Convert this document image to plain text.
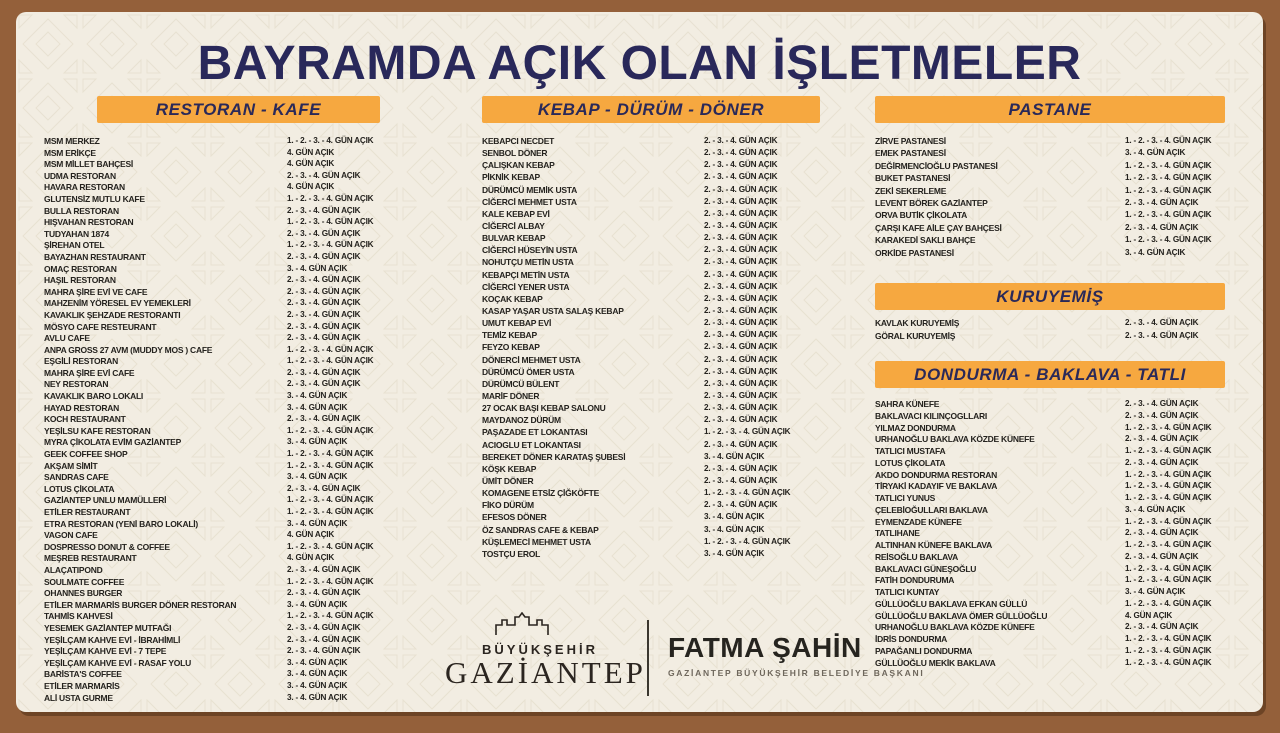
BAYRAMDA AÇIK OLAN İŞLETMELER
RESTORAN - KAFE
MSM MERKEZ	1. - 2. - 3. - 4. GÜN AÇIK
MSM ERİKÇE	4. GÜN AÇIK
MSM MİLLET BAHÇESİ	4. GÜN AÇIK
UDMA RESTORAN	2. - 3. - 4. GÜN AÇIK
HAVARA RESTORAN	4. GÜN AÇIK
GLUTENSİZ MUTLU KAFE	1. - 2. - 3. - 4. GÜN AÇIK
BULLA RESTORAN	2. - 3. - 4. GÜN AÇIK
HIŞVAHAN RESTORAN	1. - 2. - 3. - 4. GÜN AÇIK
TUDYAHAN 1874	2. - 3. - 4. GÜN AÇIK
ŞİREHAN OTEL	1. - 2. - 3. - 4. GÜN AÇIK
BAYAZHAN RESTAURANT	2. - 3. - 4. GÜN AÇIK
OMAÇ RESTORAN	3. - 4. GÜN AÇIK
HAŞIL RESTORAN	2. - 3. - 4. GÜN AÇIK
MAHRA ŞİRE EVİ VE CAFE	2. - 3. - 4. GÜN AÇIK
MAHZENİM YÖRESEL EV YEMEKLERİ	2. - 3. - 4. GÜN AÇIK
KAVAKLIK ŞEHZADE RESTORANTI	2. - 3. - 4. GÜN AÇIK
MÖSYO CAFE RESTEURANT	2. - 3. - 4. GÜN AÇIK
AVLU CAFE	2. - 3. - 4. GÜN AÇIK
ANPA GROSS 27 AVM (MUDDY MOS ) CAFE	1. - 2. - 3. - 4. GÜN AÇIK
EŞGİLİ RESTORAN	1. - 2. - 3. - 4. GÜN AÇIK
MAHRA ŞİRE EVİ CAFE	2. - 3. - 4. GÜN AÇIK
NEY RESTORAN	2. - 3. - 4. GÜN AÇIK
KAVAKLIK BARO LOKALI	3. - 4. GÜN AÇIK
HAYAD RESTORAN	3. - 4. GÜN AÇIK
KOCH RESTAURANT	2. - 3. - 4. GÜN AÇIK
YEŞİLSU KAFE RESTORAN	1. - 2. - 3. - 4. GÜN AÇIK
MYRA ÇİKOLATA EVİM GAZİANTEP	3. - 4. GÜN AÇIK
GEEK COFFEE SHOP	1. - 2. - 3. - 4. GÜN AÇIK
AKŞAM SİMİT	1. - 2. - 3. - 4. GÜN AÇIK
SANDRAS CAFE	3. - 4. GÜN AÇIK
LOTUS ÇİKOLATA	2. - 3. - 4. GÜN AÇIK
GAZİANTEP UNLU MAMÜLLERİ	1. - 2. - 3. - 4. GÜN AÇIK
ETİLER RESTAURANT	1. - 2. - 3. - 4. GÜN AÇIK
ETRA RESTORAN (YENİ BARO LOKALİ)	3. - 4. GÜN AÇIK
VAGON CAFE	4. GÜN AÇIK
DOSPRESSO DONUT & COFFEE	1. - 2. - 3. - 4. GÜN AÇIK
MEŞREB RESTAURANT	4. GÜN AÇIK
ALAÇATIPOND	2. - 3. - 4. GÜN AÇIK
SOULMATE COFFEE	1. - 2. - 3. - 4. GÜN AÇIK
OHANNES BURGER	2. - 3. - 4. GÜN AÇIK
ETİLER MARMARİS BURGER DÖNER RESTORAN	3. - 4. GÜN AÇIK
TAHMİS KAHVESİ	1. - 2. - 3. - 4. GÜN AÇIK
YESEMEK GAZİANTEP MUTFAĞI	2. - 3. - 4. GÜN AÇIK
YEŞİLÇAM KAHVE EVİ - İBRAHİMLİ	2. - 3. - 4. GÜN AÇIK
YEŞİLÇAM KAHVE EVİ - 7 TEPE	2. - 3. - 4. GÜN AÇIK
YEŞİLÇAM KAHVE EVİ - RASAF YOLU	3. - 4. GÜN AÇIK
BARİSTA'S COFFEE	3. - 4. GÜN AÇIK
ETİLER MARMARİS	3. - 4. GÜN AÇIK
ALİ USTA GURME	3. - 4. GÜN AÇIK
KEBAP - DÜRÜM - DÖNER
KEBAPCI NECDET	2. - 3. - 4. GÜN AÇIK
SENBOL DÖNER	2. - 3. - 4. GÜN AÇIK
ÇALIŞKAN KEBAP	2. - 3. - 4. GÜN AÇIK
PİKNİK KEBAP	2. - 3. - 4. GÜN AÇIK
DÜRÜMCÜ MEMİK USTA	2. - 3. - 4. GÜN AÇIK
CİĞERCİ MEHMET USTA	2. - 3. - 4. GÜN AÇIK
KALE KEBAP EVİ	2. - 3. - 4. GÜN AÇIK
CİĞERCİ ALBAY	2. - 3. - 4. GÜN AÇIK
BULVAR KEBAP	2. - 3. - 4. GÜN AÇIK
CİĞERCİ HÜSEYİN USTA	2. - 3. - 4. GÜN AÇIK
NOHUTÇU METİN USTA	2. - 3. - 4. GÜN AÇIK
KEBAPÇI METİN USTA	2. - 3. - 4. GÜN AÇIK
CİĞERCİ YENER USTA	2. - 3. - 4. GÜN AÇIK
KOÇAK KEBAP	2. - 3. - 4. GÜN AÇIK
KASAP YAŞAR USTA SALAŞ KEBAP	2. - 3. - 4. GÜN AÇIK
UMUT KEBAP EVİ	2. - 3. - 4. GÜN AÇIK
TEMİZ KEBAP	2. - 3. - 4. GÜN AÇIK
FEYZO KEBAP	2. - 3. - 4. GÜN AÇIK
DÖNERCİ MEHMET USTA	2. - 3. - 4. GÜN AÇIK
DÜRÜMCÜ ÖMER USTA	2. - 3. - 4. GÜN AÇIK
DÜRÜMCÜ BÜLENT	2. - 3. - 4. GÜN AÇIK
MARİF DÖNER	2. - 3. - 4. GÜN AÇIK
27 OCAK BAŞI KEBAP SALONU	2. - 3. - 4. GÜN AÇIK
MAYDANOZ DÜRÜM	2. - 3. - 4. GÜN AÇIK
PAŞAZADE ET LOKANTASI	1. - 2. - 3. - 4. GÜN AÇIK
ACIOGLU ET LOKANTASI	2. - 3. - 4. GÜN AÇIK
BEREKET DÖNER KARATAŞ ŞUBESİ	3. - 4. GÜN AÇIK
KÖŞK KEBAP	2. - 3. - 4. GÜN AÇIK
ÜMİT DÖNER	2. - 3. - 4. GÜN AÇIK
KOMAGENE ETSİZ ÇİĞKÖFTE	1. - 2. - 3. - 4. GÜN AÇIK
FİKO DÜRÜM	2. - 3. - 4. GÜN AÇIK
EFESOS DÖNER	3. - 4. GÜN AÇIK
ÖZ SANDRAS CAFE & KEBAP	3. - 4. GÜN AÇIK
KÜŞLEMECİ MEHMET USTA	1. - 2. - 3. - 4. GÜN AÇIK
TOSTÇU EROL	3. - 4. GÜN AÇIK
PASTANE
ZİRVE PASTANESİ	1. - 2. - 3. - 4. GÜN AÇIK
EMEK PASTANESİ	3. - 4. GÜN AÇIK
DEĞİRMENCİOĞLU PASTANESİ	1. - 2. - 3. - 4. GÜN AÇIK
BUKET PASTANESİ	1. - 2. - 3. - 4. GÜN AÇIK
ZEKİ SEKERLEME	1. - 2. - 3. - 4. GÜN AÇIK
LEVENT BÖREK GAZİANTEP	2. - 3. - 4. GÜN AÇIK
ORVA BUTİK ÇİKOLATA	1. - 2. - 3. - 4. GÜN AÇIK
ÇARŞI KAFE AİLE ÇAY BAHÇESİ	2. - 3. - 4. GÜN AÇIK
KARAKEDİ SAKLI BAHÇE	1. - 2. - 3. - 4. GÜN AÇIK
ORKİDE PASTANESİ	3. - 4. GÜN AÇIK
KURUYEMİŞ
KAVLAK KURUYEMİŞ	2. - 3. - 4. GÜN AÇIK
GÖRAL KURUYEMİŞ	2. - 3. - 4. GÜN AÇIK
DONDURMA - BAKLAVA - TATLI
SAHRA KÜNEFE	2. - 3. - 4. GÜN AÇIK
BAKLAVACI KILINÇOGLLARI	2. - 3. - 4. GÜN AÇIK
YILMAZ DONDURMA	1. - 2. - 3. - 4. GÜN AÇIK
URHANOĞLU BAKLAVA KÖZDE KÜNEFE	2. - 3. - 4. GÜN AÇIK
TATLICI MUSTAFA	1. - 2. - 3. - 4. GÜN AÇIK
LOTUS ÇİKOLATA	2. - 3. - 4. GÜN AÇIK
AKDO DONDURMA RESTORAN	1. - 2. - 3. - 4. GÜN AÇIK
TİRYAKİ KADAYIF VE BAKLAVA	1. - 2. - 3. - 4. GÜN AÇIK
TATLICI YUNUS	1. - 2. - 3. - 4. GÜN AÇIK
ÇELEBİOĞULLARI BAKLAVA	3. - 4. GÜN AÇIK
EYMENZADE KÜNEFE	1. - 2. - 3. - 4. GÜN AÇIK
TATLIHANE	2. - 3. - 4. GÜN AÇIK
ALTINHAN KÜNEFE BAKLAVA	1. - 2. - 3. - 4. GÜN AÇIK
REİSOĞLU BAKLAVA	2. - 3. - 4. GÜN AÇIK
BAKLAVACI GÜNEŞOĞLU	1. - 2. - 3. - 4. GÜN AÇIK
FATİH DONDURUMA	1. - 2. - 3. - 4. GÜN AÇIK
TATLICI KUNTAY	3. - 4. GÜN AÇIK
GÜLLÜOĞLU BAKLAVA EFKAN GÜLLÜ	1. - 2. - 3. - 4. GÜN AÇIK
GÜLLÜOĞLU BAKLAVA ÖMER GÜLLÜOĞLU	4. GÜN AÇIK
URHANOĞLU BAKLAVA KÖZDE KÜNEFE	2. - 3. - 4. GÜN AÇIK
İDRİS DONDURMA	1. - 2. - 3. - 4. GÜN AÇIK
PAPAĞANLI DONDURMA	1. - 2. - 3. - 4. GÜN AÇIK
GÜLLÜOĞLU MEKİK BAKLAVA	1. - 2. - 3. - 4. GÜN AÇIK
BÜYÜKŞEHİR
GAZİANTEP
FATMA ŞAHİN
GAZİANTEP BÜYÜKŞEHİR BELEDİYE BAŞKANI
